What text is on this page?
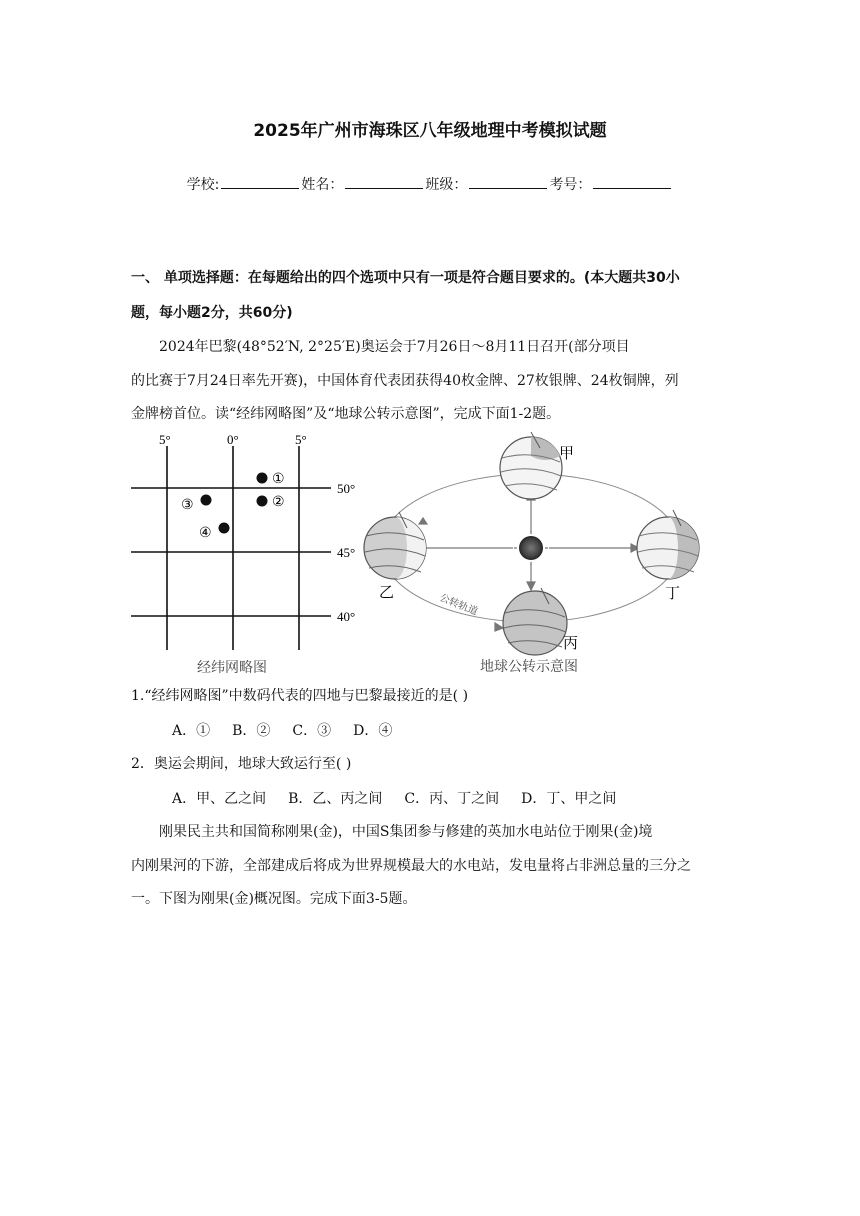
2025年广州市海珠区八年级地理中考模拟试题
学校:	姓名：	班级：	考号：
一、 单项选择题：在每题给出的四个选项中只有一项是符合题目要求的。(本大题共30小
题，每小题2分，共60分)
2024年巴黎(48°52′N, 2°25′E)奥运会于7月26日～8月11日召开(部分项目
的比赛于7月24日率先开赛)，中国体育代表团获得40枚金牌、27枚银牌、24枚铜牌，列
金牌榜首位。读“经纬网略图”及“地球公转示意图”，完成下面1-2题。
5°	0°	5°
50°
45°
40°
①
②
③
④
经纬网略图
甲
乙
丙
丁
公转轨道
地球公转示意图
1.“经纬网略图”中数码代表的四地与巴黎最接近的是( )
A．① B．② C．③ D．④
2．奥运会期间，地球大致运行至( )
A．甲、乙之间 B．乙、丙之间 C．丙、丁之间 D．丁、甲之间
刚果民主共和国简称刚果(金)，中国S集团参与修建的英加水电站位于刚果(金)境
内刚果河的下游，全部建成后将成为世界规模最大的水电站，发电量将占非洲总量的三分之
一。下图为刚果(金)概况图。完成下面3-5题。
